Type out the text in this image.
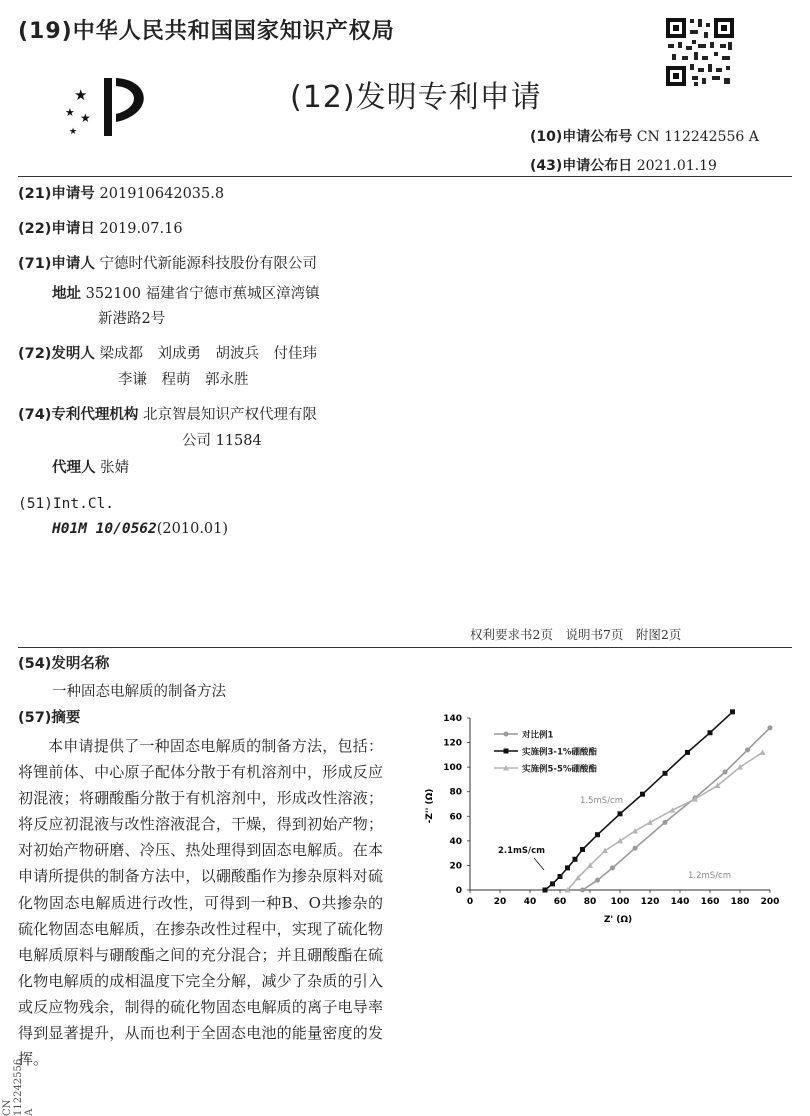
(19)中华人民共和国国家知识产权局
★
★ ★
★
(12)发明专利申请
(10)申请公布号 CN 112242556 A
(43)申请公布日 2021.01.19
(21)申请号 201910642035.8
(22)申请日 2019.07.16
(71)申请人 宁德时代新能源科技股份有限公司
地址 352100 福建省宁德市蕉城区漳湾镇
新港路2号
(72)发明人 梁成都　刘成勇　胡波兵　付佳玮
李谦　程萌　郭永胜
(74)专利代理机构 北京智晨知识产权代理有限
公司 11584
代理人 张婧
(51)Int.Cl.
H01M 10/0562(2010.01)
权利要求书2页　说明书7页　附图2页
(54)发明名称
一种固态电解质的制备方法
(57)摘要
本申请提供了一种固态电解质的制备方法，包括：将锂前体、中心原子配体分散于有机溶剂中，形成反应初混液；将硼酸酯分散于有机溶剂中，形成改性溶液；将反应初混液与改性溶液混合，干燥，得到初始产物；对初始产物研磨、冷压、热处理得到固态电解质。在本申请所提供的制备方法中，以硼酸酯作为掺杂原料对硫化物固态电解质进行改性，可得到一种B、O共掺杂的硫化物固态电解质，在掺杂改性过程中，实现了硫化物电解质原料与硼酸酯之间的充分混合；并且硼酸酯在硫化物电解质的成相温度下完全分解，减少了杂质的引入或反应物残余，制得的硫化物固态电解质的离子电导率得到显著提升，从而也利于全固态电池的能量密度的发挥。
CN 112242556 A
0 20 40 60 80 100 120 140 160 180 200
0
20
40
60
80
100
120
140
Z' (Ω)
-Z'' (Ω)
对比例1
实施例3-1%硼酸酯
实施例5-5%硼酸酯
1.5mS/cm
2.1mS/cm
1.2mS/cm
